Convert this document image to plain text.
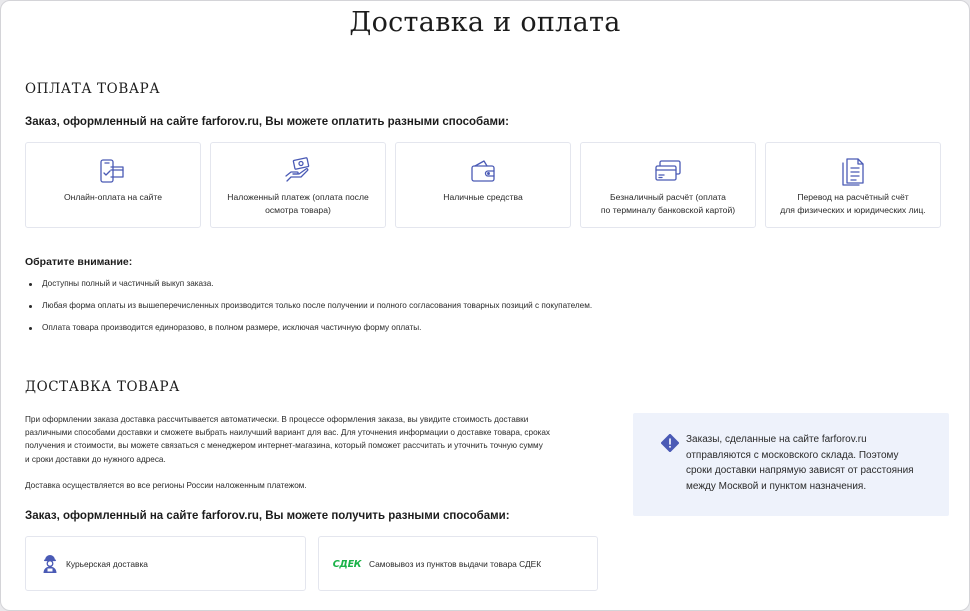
Доставка и оплата
ОПЛАТА ТОВАРА

Заказ, оформленный на сайте farforov.ru, Вы можете оплатить разными способами:

Онлайн-оплата на сайте	Наложенный платеж (оплата после
осмотра товара)
Наличные средства	Безналичный расчёт (оплата
по терминалу банковской картой)
Перевод на расчётный счёт
для физических и юридических лиц.

Обратите внимание:

Доступны полный и частичный выкуп заказа.
Любая форма оплаты из вышеперечисленных производится только после получении и полного согласования товарных позиций с покупателем.
Оплата товара производится единоразово, в полном размере, исключая частичную форму оплаты.
ДОСТАВКА ТОВАРА
При оформлении заказа доставка рассчитывается автоматически. В процессе оформления заказа, вы увидите стоимость доставки
различными способами доставки и сможете выбрать наилучший вариант для вас. Для уточнения информации о доставке товара, сроках
получения и стоимости, вы можете связаться с менеджером интернет-магазина, который поможет рассчитать и уточнить точную сумму
и сроки доставки до нужного адреса.

Доставка осуществляется во все регионы России наложенным платежом.

Заказы, сделанные на сайте farforov.ru
отправляются с московского склада. Поэтому
сроки доставки напрямую зависят от расстояния
между Москвой и пунктом назначения.

Заказ, оформленный на сайте farforov.ru, Вы можете получить разными способами:

Курьерская доставка	СДЕК Самовывоз из пунктов выдачи товара СДЕК
